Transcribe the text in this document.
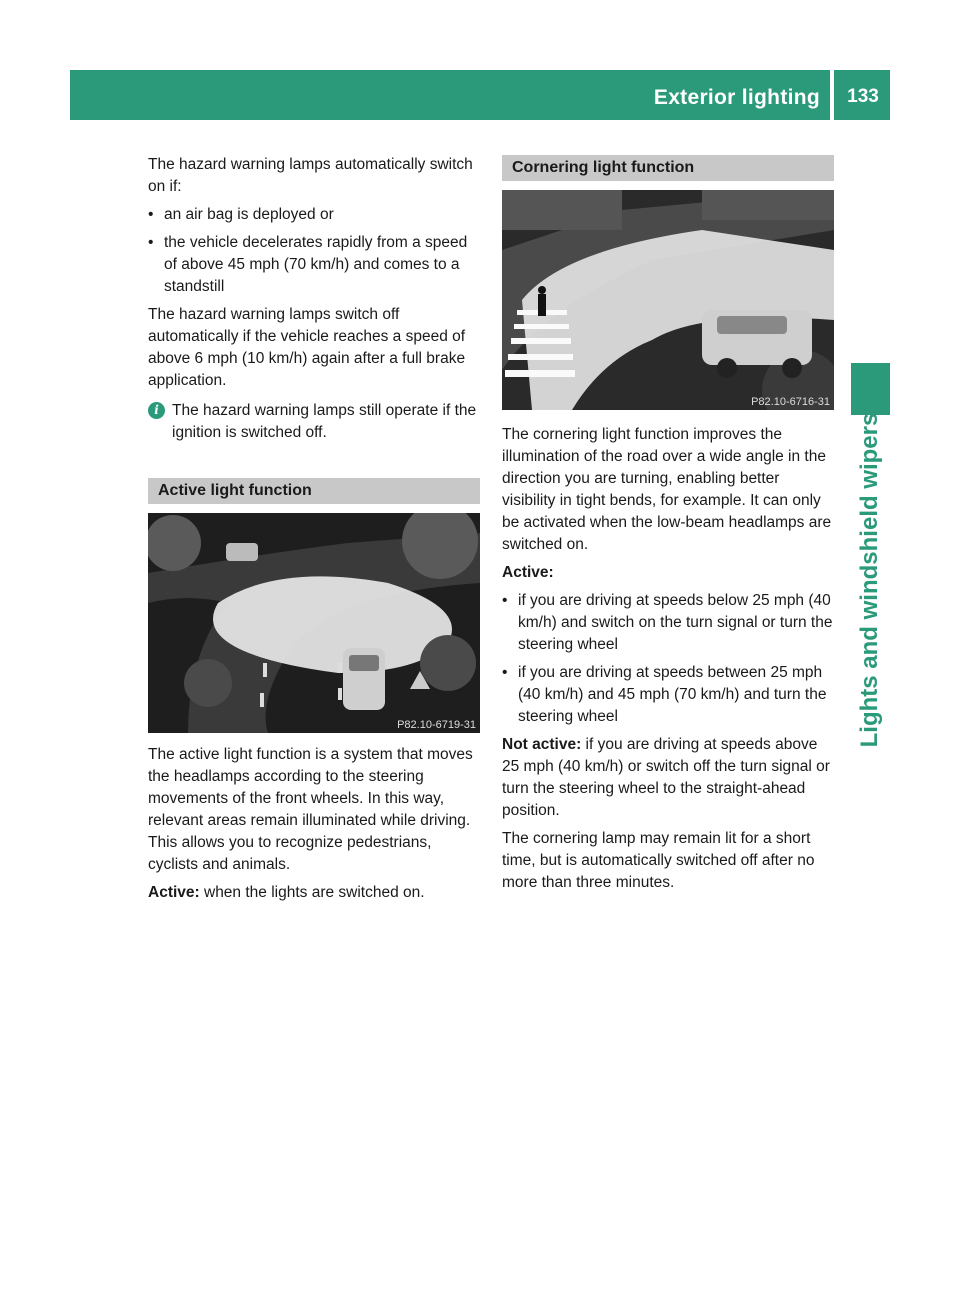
Exterior lighting	133
Lights and windshield wipers

The hazard warning lamps automatically switch on if:

• an air bag is deployed or
• the vehicle decelerates rapidly from a speed of above 45 mph (70 km/h) and comes to a standstill

The hazard warning lamps switch off automatically if the vehicle reaches a speed of above 6 mph (10 km/h) again after a full brake application.

i The hazard warning lamps still operate if the ignition is switched off.
Active light function
P82.10-6719-31

The active light function is a system that moves the headlamps according to the steering movements of the front wheels. In this way, relevant areas remain illuminated while driving. This allows you to recognize pedestrians, cyclists and animals.

Active: when the lights are switched on.

Cornering light function
P82.10-6716-31

The cornering light function improves the illumination of the road over a wide angle in the direction you are turning, enabling better visibility in tight bends, for example. It can only be activated when the low-beam headlamps are switched on.

Active:

• if you are driving at speeds below 25 mph (40 km/h) and switch on the turn signal or turn the steering wheel
• if you are driving at speeds between 25 mph (40 km/h) and 45 mph (70 km/h) and turn the steering wheel

Not active: if you are driving at speeds above 25 mph (40 km/h) or switch off the turn signal or turn the steering wheel to the straight-ahead position.

The cornering lamp may remain lit for a short time, but is automatically switched off after no more than three minutes.
